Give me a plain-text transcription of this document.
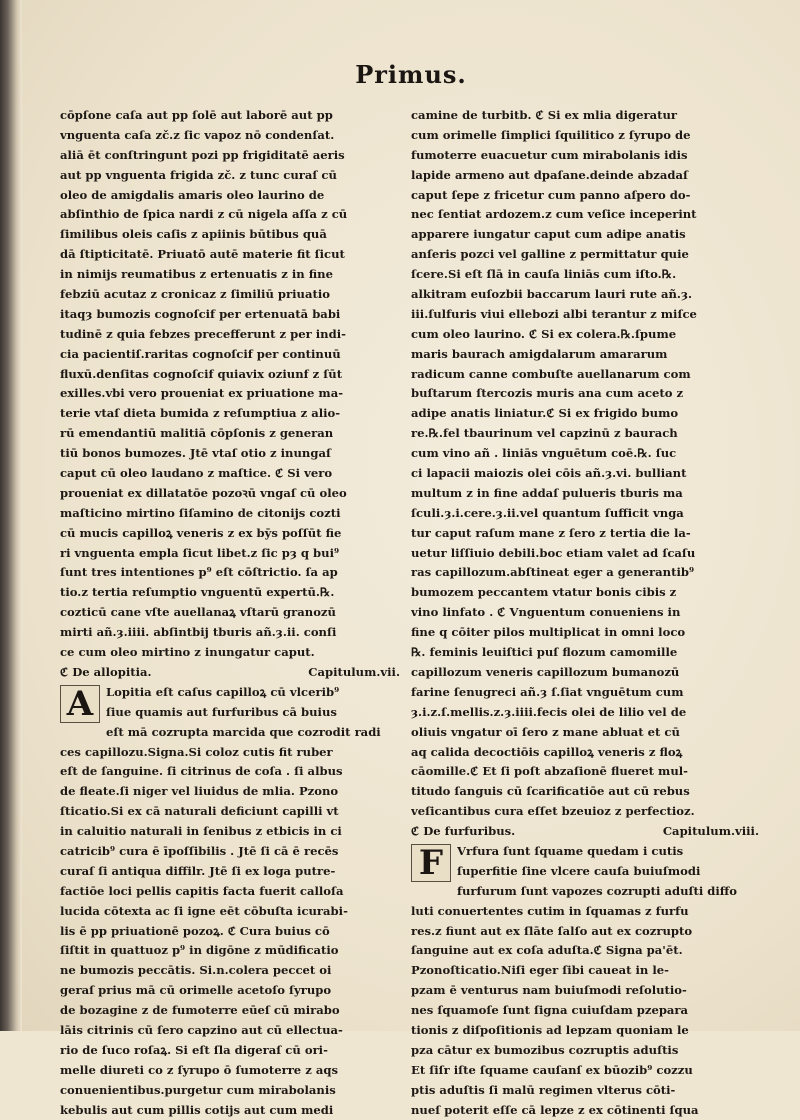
Primus.
cōpſone caſa aut pp ſolē aut laborē aut pp
vnguenta caſa zč.z ſic vapoz nō condenſat.
aliā ēt conſtringunt pozi pp frigiditatē aeris
aut pp vnguenta frigida zč. z tunc curaſ cū
oleo de amigdalis amaris oleo laurino de
abſinthio de ſpica nardi z cū nigela aſſa z cū
ſimilibus oleis caſis z apiinis būtibus quā
dā ſtipticitatē. Priuatō autē materie fit ſicut
in nimijs reumatibus z ertenuatis z in fine
febziū acutaz z cronicaz z ſimiliū priuatio
itaqȝ bumozis cognoſcif per ertenuatā babi
tudinē z quia febzes precefferunt z per indi-
cia pacientiſ.raritas cognoſcif per continuū
fluxū.denſitas cognoſcif quiavix oziunf z ſūt
exilles.vbi vero proueniat ex priuatione ma-
terie vtaſ dieta bumida z reſumptiua z alio-
rū emendantiū malitiā cōpſonis z generan
tiū bonos bumozes. Jtē vtaſ otio z inungaſ
caput cū oleo laudano z maſtice. ℭ Si vero
proueniat ex dillatatōe pozoꝛū vngaſ cū oleo
maſticino mirtino ſiſamino de citonijs cozti
cū mucis capilloꝝ veneris z ex bȳs poſſūt fie
ri vnguenta empla ſicut libet.z ſic pȝ q bui⁹
ſunt tres intentiones p⁹ eſt cōſtrictio. ſa ap
tio.z tertia reſumptio vnguentū expertū.℞.
cozticū cane vſte auellanaꝝ vſtarū granozū
mirti añ.ȝ.iiii. abſintbij tburis añ.ȝ.ii. conſi
ce cum oleo mirtino z inungatur caput.
ℭ De allopitia.	Capitulum.vii.
A	Lopitia eſt caſus capilloꝝ cū vlcerib⁹
ſiue quamis aut furfuribus cā buius
eſt mā cozrupta marcida que cozrodit radi
ces capillozu.Signa.Si coloz cutis fit ruber
eſt de ſanguine. ſi citrinus de coſa . ſi albus
de fleate.ſi niger vel liuidus de mlia. Pzono
ſticatio.Si ex cā naturali deficiunt capilli vt
in caluitio naturali in ſenibus z etbicis in ci
catricib⁹ cura ē īpoſſibilis . Jtē ſi cā ē recēs
curaſ ſi antiqua diffilr. Jtē ſi ex loga putre-
factiōe loci pellis capitis facta fuerit calloſa
lucida cōtexta ac ſi igne eēt cōbuſta icurabi-
lis ē pp priuationē pozoꝝ. ℭ Cura buius cō
ſiſtit in quattuoz p⁹ in digōne z mūdificatio
ne bumozis peccātis. Si.n.colera peccet oi
geraſ prius mā cū orimelle acetoſo ſyrupo
de bozagine z de fumoterre eūeſ cū mirabo
lāis citrinis cū ſero capzino aut cū ellectua-
rio de ſuco roſaꝝ. Si eſt ſla digeraſ cū ori-
melle diureti co z ſyrupo ō ſumoterre z aqs
conuenientibus.purgetur cum mirabolanis
kebulis aut cum pillis cotijs aut cum medi
camine de turbitb. ℭ Si ex mlia digeratur
cum orimelle ſimplici ſquilitico z ſyrupo de
fumoterre euacuetur cum mirabolanis idis
lapide armeno aut dpaſane.deinde abzadaſ
caput ſepe z fricetur cum panno aſpero do-
nec ſentiat ardozem.z cum veſice inceperint
apparere iungatur caput cum adipe anatis
anſeris pozci vel galline z permittatur quie
ſcere.Si eſt ſlā in cauſa liniās cum iſto.℞.
alkitram euſozbii baccarum lauri rute añ.ȝ.
iii.ſulfuris viui ellebozi albi terantur z miſce
cum oleo laurino. ℭ Si ex colera.℞.ſpume
maris baurach amigdalarum amararum
radicum canne combuſte auellanarum com
buſtarum ſtercozis muris ana cum aceto z
adipe anatis liniatur.ℭ Si ex frigido bumo
re.℞.fel tbaurinum vel capzinū z baurach
cum vino añ . liniās vnguētum coē.℞. ſuc
ci lapacii maiozis olei cōis añ.ȝ.vi. bulliant
multum z in fine addaſ pulueris tburis ma
ſculi.ȝ.i.cere.ȝ.ii.vel quantum ſufficit vnga
tur caput raſum mane z ſero z tertia die la-
uetur liſſiuio debili.boc etiam valet ad ſcaſu
ras capillozum.abſtineat eger a generantib⁹
bumozem peccantem vtatur bonis cibis z
vino linfato . ℭ Vnguentum conueniens in
fine q cōiter pilos multiplicat in omni loco
℞. feminis leuiſtici puſ flozum camomille
capillozum veneris capillozum bumanozū
farine ſenugreci añ.ȝ ſ.ſiat vnguētum cum
ȝ.i.z.ſ.mellis.z.ȝ.iiii.fecis olei de lilio vel de
oliuis vngatur oī ſero z mane abluat et cū
aq calida decoctiōis capilloꝝ veneris z floꝝ
cāomille.ℭ Et ſi poſt abzaſionē flueret mul-
titudo ſanguis cū ſcarificatiōe aut cū rebus
veſicantibus cura eſſet bzeuioz z perfectioz.
ℭ De furfuribus.	Capitulum.viii.
F	Vrfura ſunt ſquame quedam i cutis
ſuperfitie ſine vlcere cauſa buiuſmodi
furfurum ſunt vapozes cozrupti aduſti diffo
luti conuertentes cutim in ſquamas z furfu
res.z fiunt aut ex ſlāte ſalſo aut ex cozrupto
ſanguine aut ex coſa aduſta.ℭ Signa pa'ēt.
Pzonoſticatio.Niſi eger ſibi caueat in le-
pzam ē venturus nam buiuſmodi reſolutio-
nes ſquamoſe ſunt ſigna cuiuſdam pzepara
tionis z diſpoſitionis ad lepzam quoniam le
pza cātur ex bumozibus cozruptis aduſtis
Et ſiſr iſte ſquame cauſanſ ex būozib⁹ cozzu
ptis aduſtis ſi malū regimen vlterus cōti-
nueſ poterit eſſe cā lepze z ex cōtinenti ſqua
